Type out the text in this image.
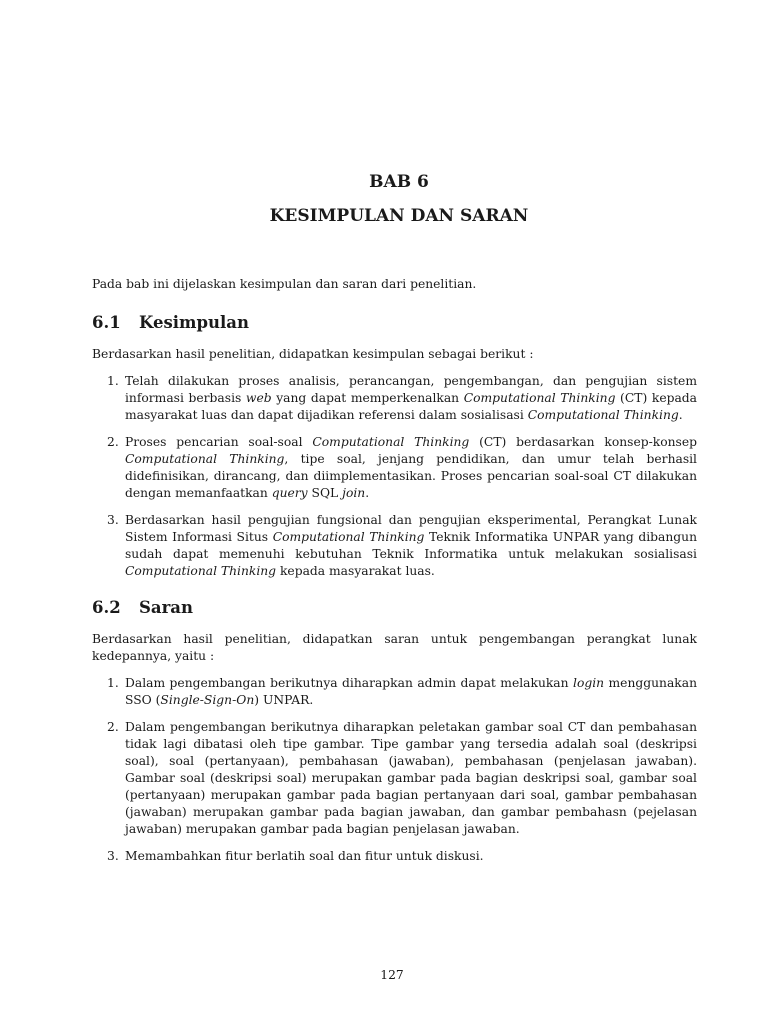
BAB 6
KESIMPULAN DAN SARAN

Pada bab ini dijelaskan kesimpulan dan saran dari penelitian.

6.1 Kesimpulan

Berdasarkan hasil penelitian, didapatkan kesimpulan sebagai berikut :

1. Telah dilakukan proses analisis, perancangan, pengembangan, dan pengujian sistem informasi berbasis web yang dapat memperkenalkan Computational Thinking (CT) kepada masyarakat luas dan dapat dijadikan referensi dalam sosialisasi Computational Thinking.
2. Proses pencarian soal-soal Computational Thinking (CT) berdasarkan konsep-konsep Computational Thinking, tipe soal, jenjang pendidikan, dan umur telah berhasil didefinisikan, dirancang, dan diimplementasikan. Proses pencarian soal-soal CT dilakukan dengan memanfaatkan query SQL join.
3. Berdasarkan hasil pengujian fungsional dan pengujian eksperimental, Perangkat Lunak Sistem Informasi Situs Computational Thinking Teknik Informatika UNPAR yang dibangun sudah dapat memenuhi kebutuhan Teknik Informatika untuk melakukan sosialisasi Computational Thinking kepada masyarakat luas.
6.2 Saran

Berdasarkan hasil penelitian, didapatkan saran untuk pengembangan perangkat lunak kedepannya, yaitu :

1. Dalam pengembangan berikutnya diharapkan admin dapat melakukan login menggunakan SSO (Single-Sign-On) UNPAR.
2. Dalam pengembangan berikutnya diharapkan peletakan gambar soal CT dan pembahasan tidak lagi dibatasi oleh tipe gambar. Tipe gambar yang tersedia adalah soal (deskripsi soal), soal (pertanyaan), pembahasan (jawaban), pembahasan (penjelasan jawaban). Gambar soal (deskripsi soal) merupakan gambar pada bagian deskripsi soal, gambar soal (pertanyaan) merupakan gambar pada bagian pertanyaan dari soal, gambar pembahasan (jawaban) merupakan gambar pada bagian jawaban, dan gambar pembahasn (pejelasan jawaban) merupakan gambar pada bagian penjelasan jawaban.
3. Memambahkan fitur berlatih soal dan fitur untuk diskusi.
127
